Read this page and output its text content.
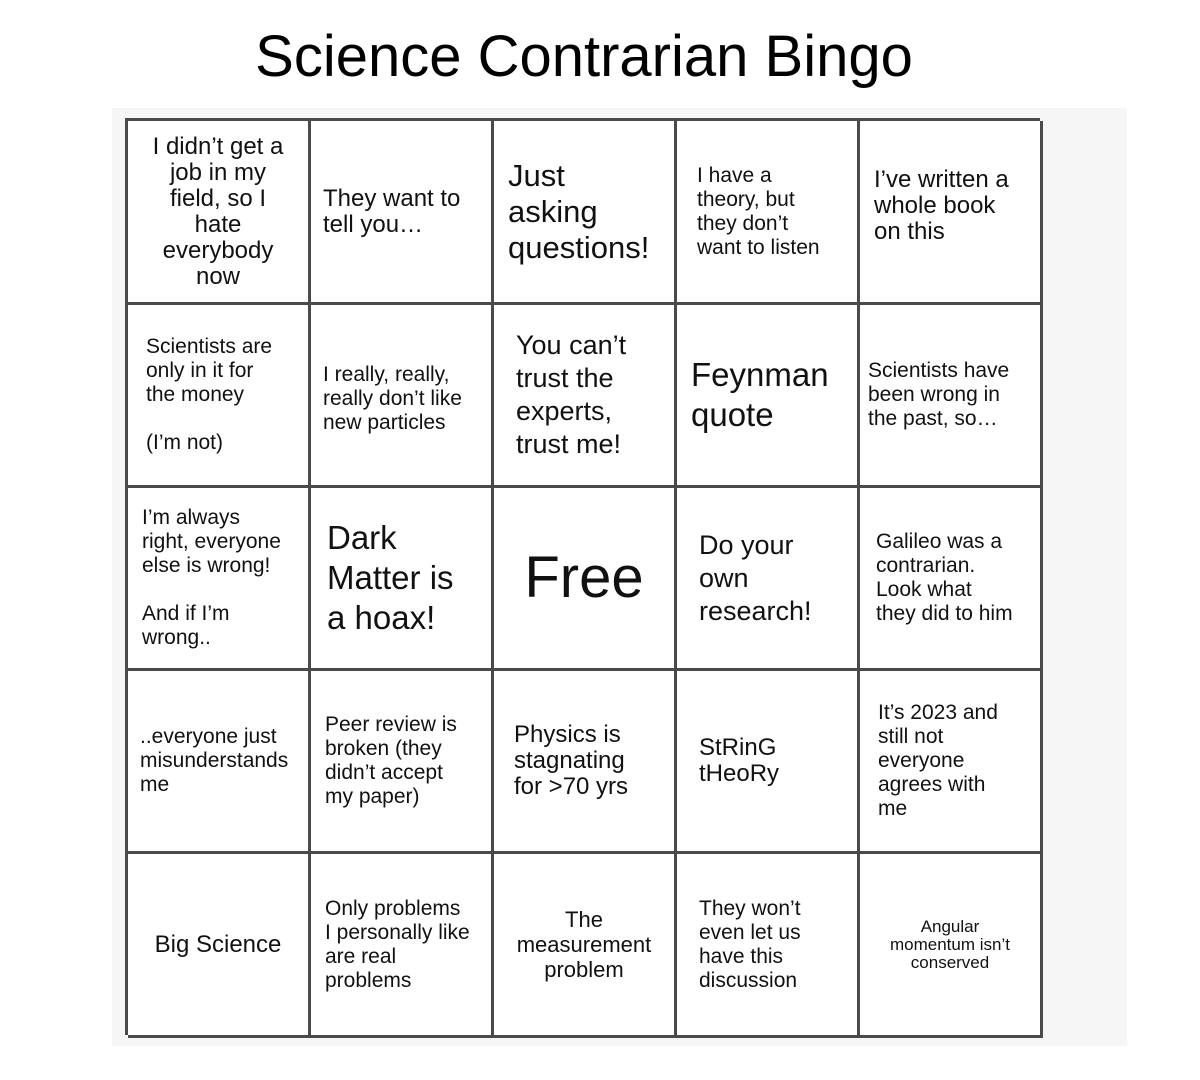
Science Contrarian Bingo
I didn’t get a
job in my
field, so I
hate
everybody
now
They want to
tell you…
Just
asking
questions!
I have a
theory, but
they don’t
want to listen
I’ve written a
whole book
on this
Scientists are
only in it for
the money

(I’m not)
I really, really,
really don’t like
new particles
You can’t
trust the
experts,
trust me!
Feynman
quote
Scientists have
been wrong in
the past, so…
I’m always
right, everyone
else is wrong!

And if I’m
wrong..
Dark
Matter is
a hoax!
Free
Do your
own
research!
Galileo was a
contrarian.
Look what
they did to him
..everyone just
misunderstands
me
Peer review is
broken (they
didn’t accept
my paper)
Physics is
stagnating
for >70 yrs
StRinG
tHeoRy
It’s 2023 and
still not
everyone
agrees with
me
Big Science
Only problems
I personally like
are real
problems
The
measurement
problem
They won’t
even let us
have this
discussion
Angular
momentum isn’t
conserved
